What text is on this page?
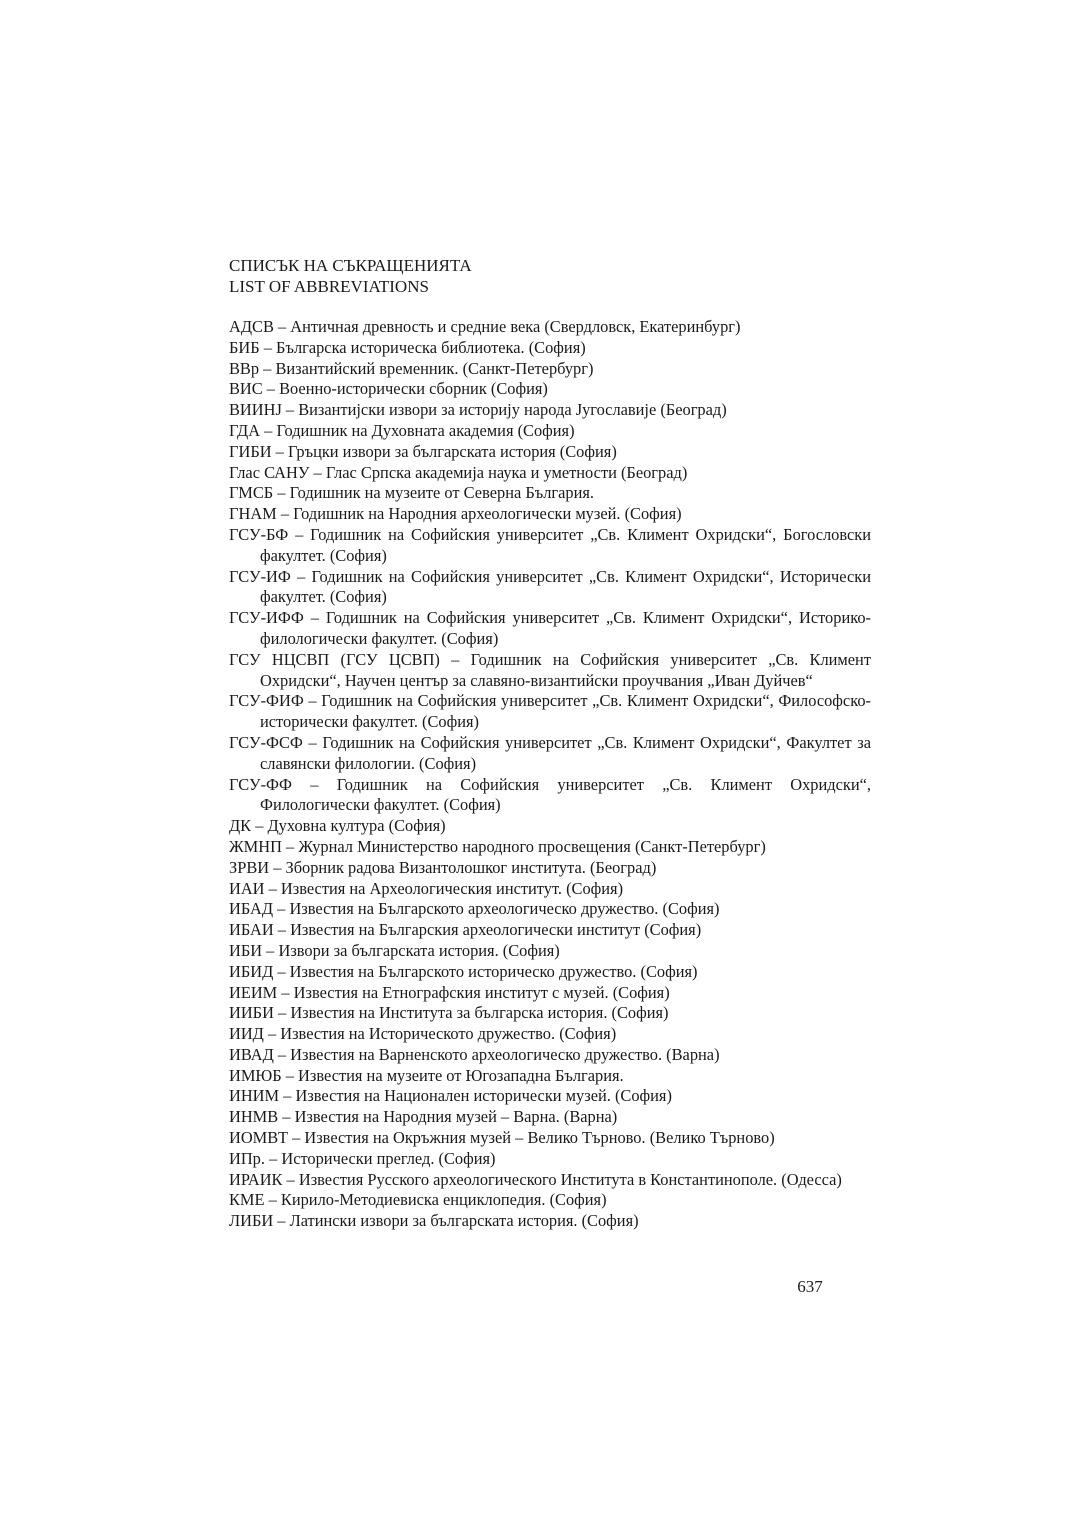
СПИСЪК НА СЪКРАЩЕНИЯТА
LIST OF ABBREVIATIONS
АДСВ – Античная древность и средние века (Свердловск, Екатеринбург)
БИБ – Българска историческа библиотека. (София)
ВВр – Византийский временник. (Санкт-Петербург)
ВИС – Военно-исторически сборник (София)
ВИИНЈ – Византијски извори за историју народа Југославије (Београд)
ГДА – Годишник на Духовната академия (София)
ГИБИ – Гръцки извори за българската история (София)
Глас САНУ – Глас Српска академија наука и уметности (Београд)
ГМСБ – Годишник на музеите от Северна България.
ГНАМ – Годишник на Народния археологически музей. (София)
ГСУ-БФ – Годишник на Софийския университет „Св. Климент Охридски“, Богословски факултет. (София)
ГСУ-ИФ – Годишник на Софийския университет „Св. Климент Охридски“, Исторически факултет. (София)
ГСУ-ИФФ – Годишник на Софийския университет „Св. Климент Охридски“, Историко-филологически факултет. (София)
ГСУ НЦСВП (ГСУ ЦСВП) – Годишник на Софийския университет „Св. Климент Охридски“, Научен център за славяно-византийски проучвания „Иван Дуйчев“
ГСУ-ФИФ – Годишник на Софийския университет „Св. Климент Охридски“, Философско-исторически факултет. (София)
ГСУ-ФСФ – Годишник на Софийския университет „Св. Климент Охридски“, Факултет за славянски филологии. (София)
ГСУ-ФФ – Годишник на Софийския университет „Св. Климент Охридски“, Филологически факултет. (София)
ДК – Духовна култура (София)
ЖМНП – Журнал Министерство народного просвещения (Санкт-Петербург)
ЗРВИ – Зборник радова Византолошког института. (Београд)
ИАИ – Известия на Археологическия институт. (София)
ИБАД – Известия на Българското археологическо дружество. (София)
ИБАИ – Известия на Българския археологически институт (София)
ИБИ – Извори за българската история. (София)
ИБИД – Известия на Българското историческо дружество. (София)
ИЕИМ – Известия на Етнографския институт с музей. (София)
ИИБИ – Известия на Института за българска история. (София)
ИИД – Известия на Историческото дружество. (София)
ИВАД – Известия на Варненското археологическо дружество. (Варна)
ИМЮБ – Известия на музеите от Югозападна България.
ИНИМ – Известия на Национален исторически музей. (София)
ИНМВ – Известия на Народния музей – Варна. (Варна)
ИОМВТ – Известия на Окръжния музей – Велико Търново. (Велико Търново)
ИПр. – Исторически преглед. (София)
ИРАИК – Известия Русского археологического Института в Константинополе. (Одесса)
КМЕ – Кирило-Методиевиска енциклопедия. (София)
ЛИБИ – Латински извори за българската история. (София)
637
